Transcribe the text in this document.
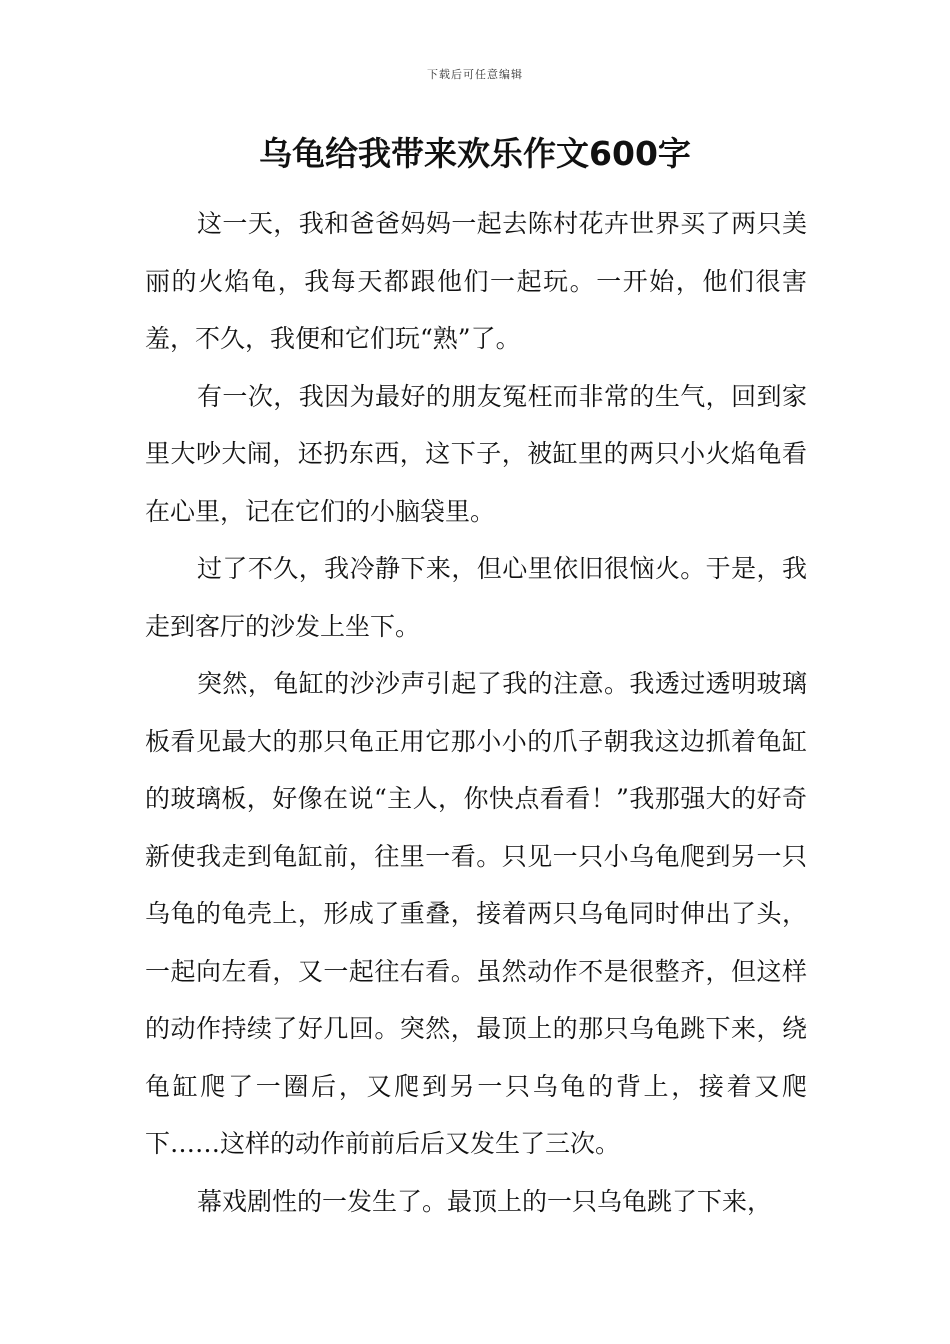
下载后可任意编辑
乌龟给我带来欢乐作文600字

这一天，我和爸爸妈妈一起去陈村花卉世界买了两只美丽的火焰龟，我每天都跟他们一起玩。一开始，他们很害羞，不久，我便和它们玩“熟”了。

有一次，我因为最好的朋友冤枉而非常的生气，回到家里大吵大闹，还扔东西，这下子，被缸里的两只小火焰龟看在心里，记在它们的小脑袋里。

过了不久，我冷静下来，但心里依旧很恼火。于是，我走到客厅的沙发上坐下。

突然，龟缸的沙沙声引起了我的注意。我透过透明玻璃板看见最大的那只龟正用它那小小的爪子朝我这边抓着龟缸的玻璃板，好像在说“主人，你快点看看！”我那强大的好奇新使我走到龟缸前，往里一看。只见一只小乌龟爬到另一只乌龟的龟壳上，形成了重叠，接着两只乌龟同时伸出了头，一起向左看，又一起往右看。虽然动作不是很整齐，但这样的动作持续了好几回。突然，最顶上的那只乌龟跳下来，绕龟缸爬了一圈后，又爬到另一只乌龟的背上，接着又爬下……这样的动作前前后后又发生了三次。

幕戏剧性的一发生了。最顶上的一只乌龟跳了下来，
